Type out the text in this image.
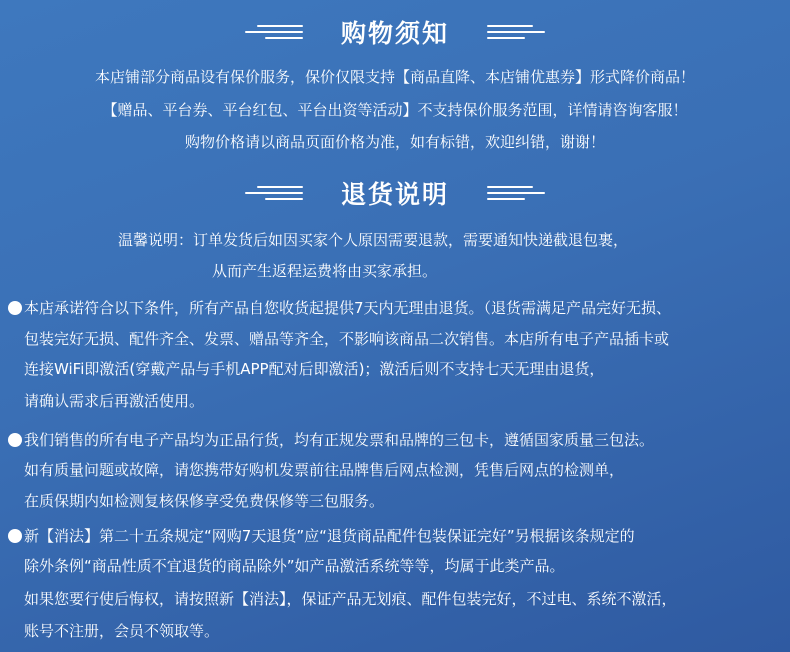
购物须知
本店铺部分商品设有保价服务，保价仅限支持【商品直降、本店铺优惠券】形式降价商品！
【赠品、平台券、平台红包、平台出资等活动】不支持保价服务范围，详情请咨询客服！
购物价格请以商品页面价格为准，如有标错，欢迎纠错，谢谢！
退货说明
温馨说明：订单发货后如因买家个人原因需要退款，需要通知快递截退包裹，
从而产生返程运费将由买家承担。
本店承诺符合以下条件，所有产品自您收货起提供7天内无理由退货。（退货需满足产品完好无损、
包装完好无损、配件齐全、发票、赠品等齐全，不影响该商品二次销售。本店所有电子产品插卡或
连接WiFi即激活(穿戴产品与手机APP配对后即激活)；激活后则不支持七天无理由退货，
请确认需求后再激活使用。
我们销售的所有电子产品均为正品行货，均有正规发票和品牌的三包卡，遵循国家质量三包法。
如有质量问题或故障，请您携带好购机发票前往品牌售后网点检测，凭售后网点的检测单，
在质保期内如检测复核保修享受免费保修等三包服务。
新【消法】第二十五条规定“网购7天退货”应“退货商品配件包装保证完好”另根据该条规定的
除外条例“商品性质不宜退货的商品除外”如产品激活系统等等，均属于此类产品。
如果您要行使后悔权，请按照新【消法】，保证产品无划痕、配件包装完好，不过电、系统不激活，
账号不注册，会员不领取等。
